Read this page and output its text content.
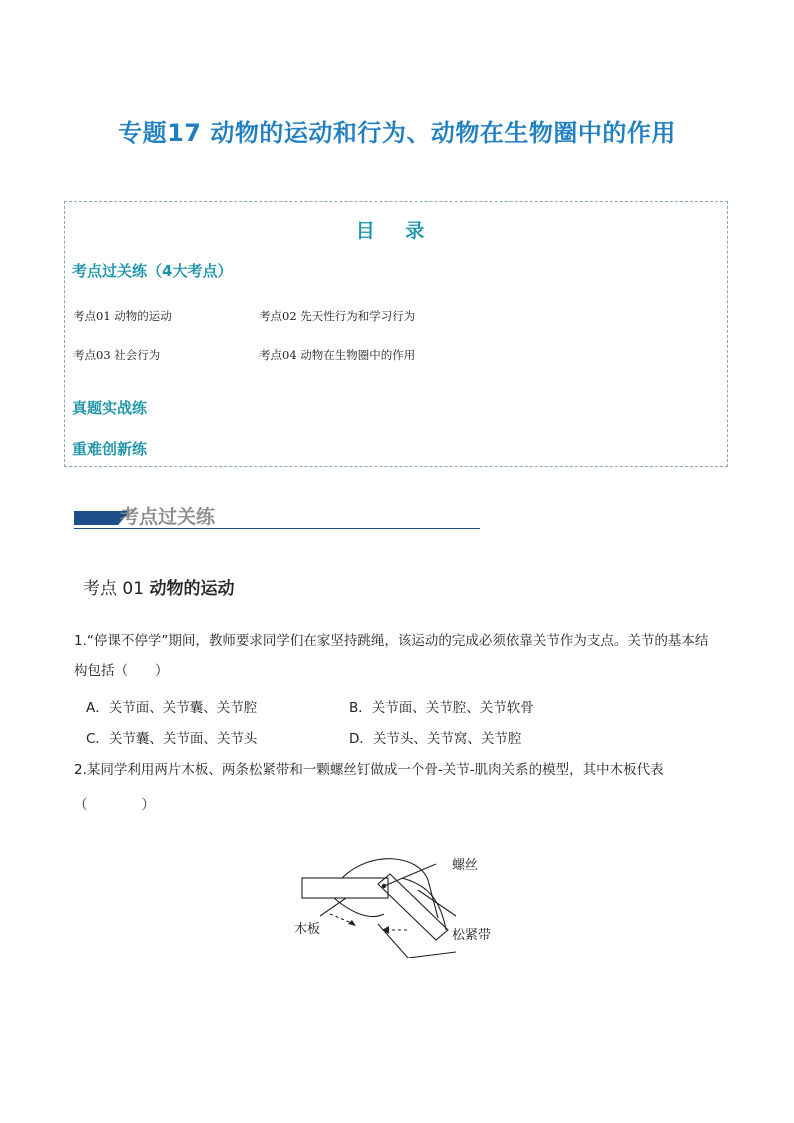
专题17 动物的运动和行为、动物在生物圈中的作用
目 录
考点过关练（4大考点）
考点01 动物的运动	考点02 先天性行为和学习行为
考点03 社会行为	考点04 动物在生物圈中的作用
真题实战练
重难创新练
考点过关练
考点 01 动物的运动
1.“停课不停学”期间，教师要求同学们在家坚持跳绳，该运动的完成必须依靠关节作为支点。关节的基本结
构包括（　　）
A．关节面、关节囊、关节腔	B．关节面、关节腔、关节软骨
C．关节囊、关节面、关节头	D．关节头、关节窝、关节腔
2.某同学利用两片木板、两条松紧带和一颗螺丝钉做成一个骨-关节-肌肉关系的模型，其中木板代表
（　　　　）
螺丝
木板	松紧带
